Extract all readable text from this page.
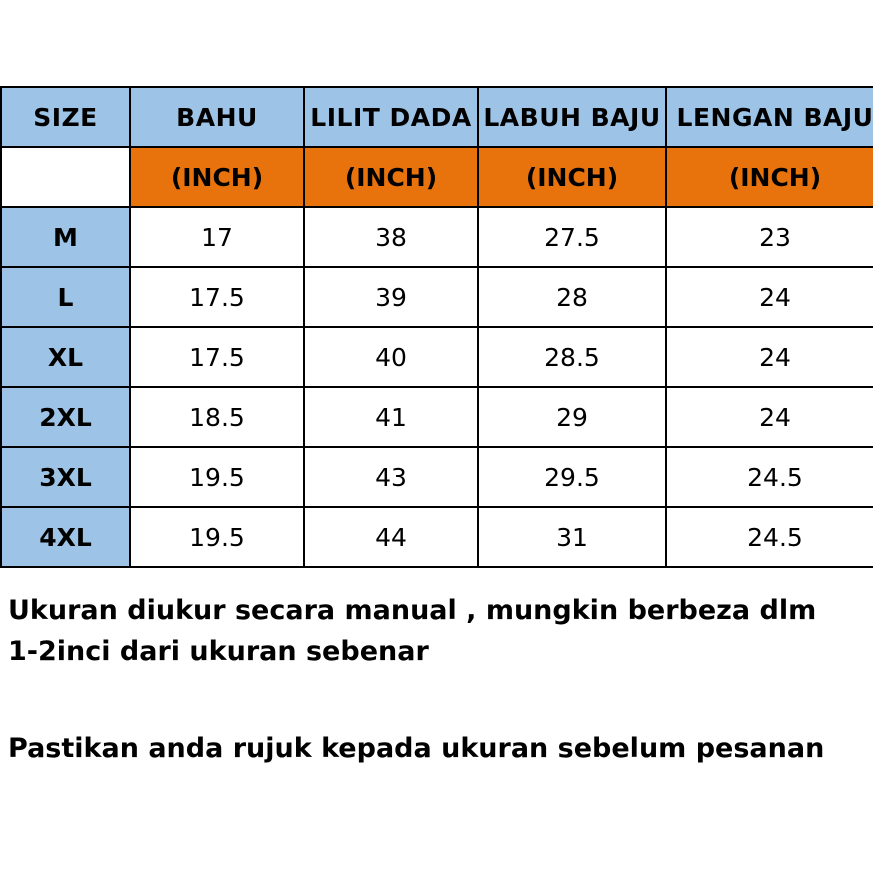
SIZE	BAHU	LILIT DADA	LABUH BAJU	LENGAN BAJU
	(INCH)	(INCH)	(INCH)	(INCH)
M	17	38	27.5	23
L	17.5	39	28	24
XL	17.5	40	28.5	24
2XL	18.5	41	29	24
3XL	19.5	43	29.5	24.5
4XL	19.5	44	31	24.5

Ukuran diukur secara manual , mungkin berbeza dlm

1-2inci dari ukuran sebenar

Pastikan anda rujuk kepada ukuran sebelum pesanan
